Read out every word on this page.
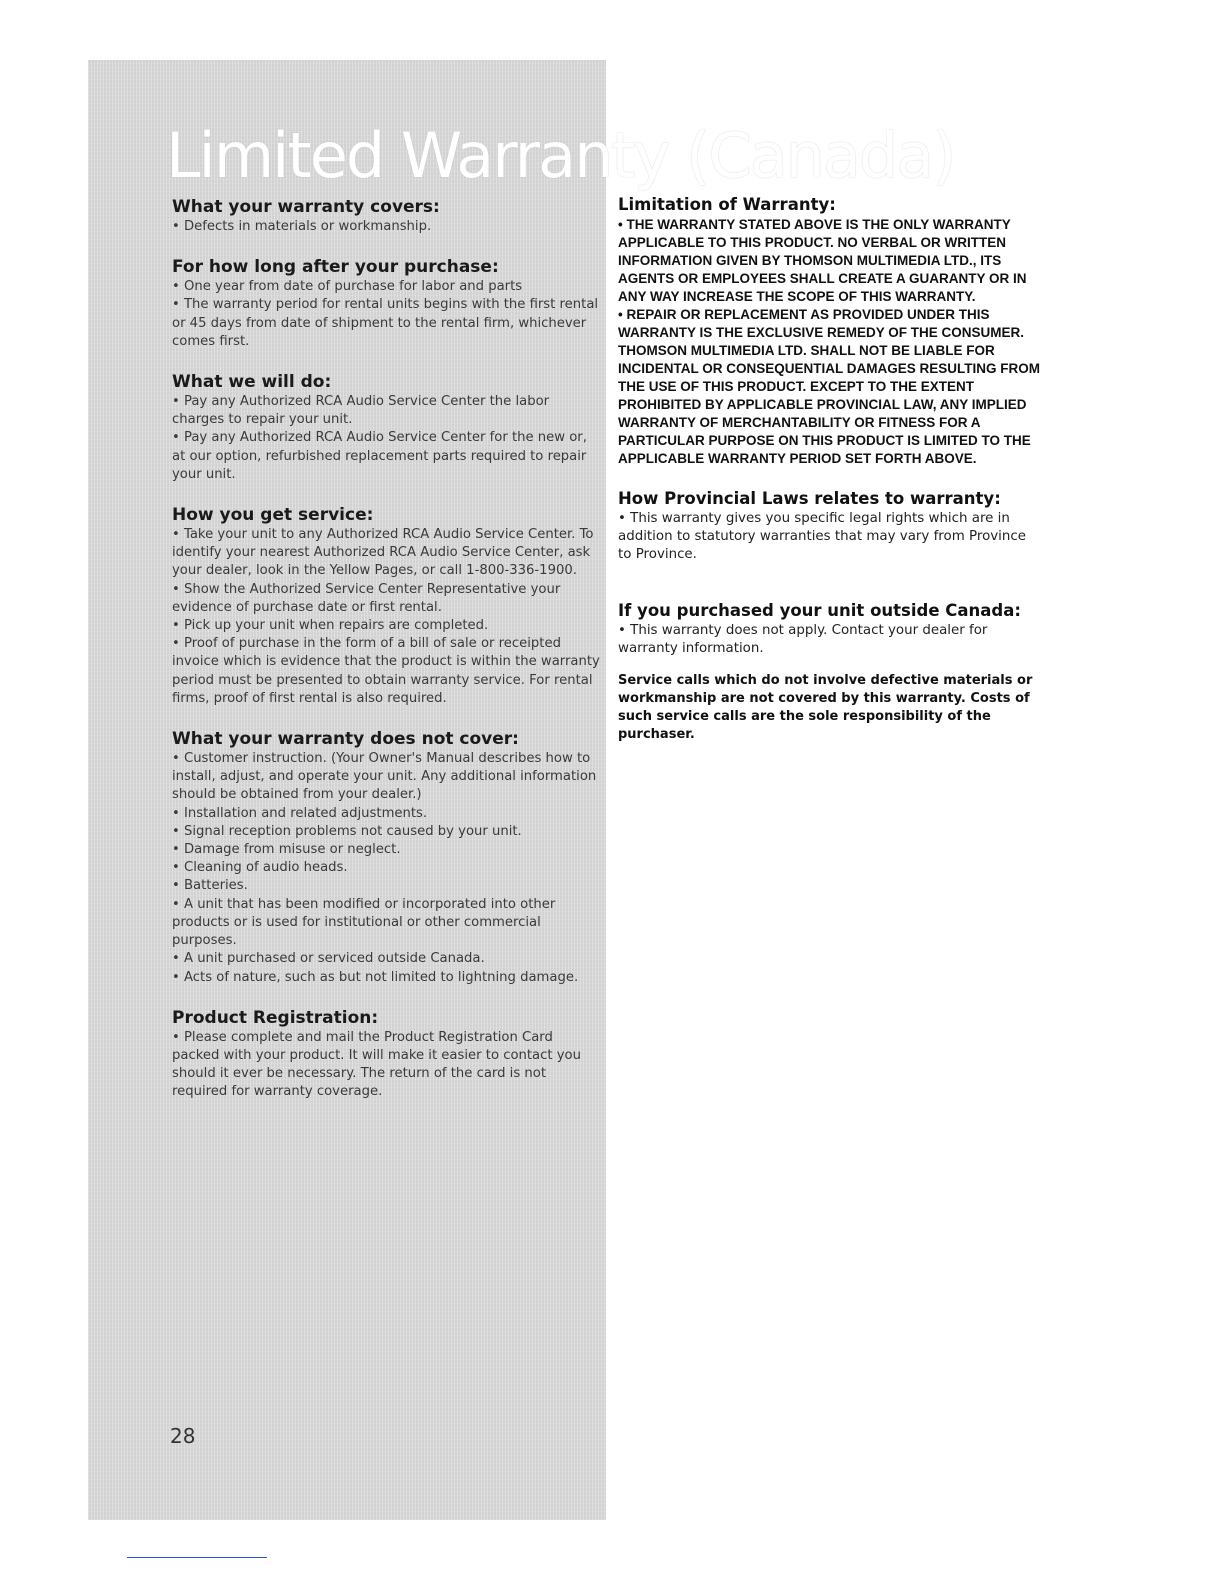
Limited Warranty (Canada)
What your warranty covers:
• Defects in materials or workmanship.
For how long after your purchase:
• One year from date of purchase for labor and parts
• The warranty period for rental units begins with the first rental or 45 days from date of shipment to the rental firm, whichever comes first.
What we will do:
• Pay any Authorized RCA Audio Service Center the labor charges to repair your unit.
• Pay any Authorized RCA Audio Service Center for the new or, at our option, refurbished replacement parts required to repair your unit.
How you get service:
• Take your unit to any Authorized RCA Audio Service Center. To identify your nearest Authorized RCA Audio Service Center, ask your dealer, look in the Yellow Pages, or call 1-800-336-1900.
• Show the Authorized Service Center Representative your evidence of purchase date or first rental.
• Pick up your unit when repairs are completed.
• Proof of purchase in the form of a bill of sale or receipted invoice which is evidence that the product is within the warranty period must be presented to obtain warranty service. For rental firms, proof of first rental is also required.
What your warranty does not cover:
• Customer instruction. (Your Owner's Manual describes how to install, adjust, and operate your unit. Any additional information should be obtained from your dealer.)
• Installation and related adjustments.
• Signal reception problems not caused by your unit.
• Damage from misuse or neglect.
• Cleaning of audio heads.
• Batteries.
• A unit that has been modified or incorporated into other products or is used for institutional or other commercial purposes.
• A unit purchased or serviced outside Canada.
• Acts of nature, such as but not limited to lightning damage.
Product Registration:
• Please complete and mail the Product Registration Card packed with your product. It will make it easier to contact you should it ever be necessary. The return of the card is not required for warranty coverage.
28
Limitation of Warranty:
• THE WARRANTY STATED ABOVE IS THE ONLY WARRANTY APPLICABLE TO THIS PRODUCT. NO VERBAL OR WRITTEN INFORMATION GIVEN BY THOMSON MULTIMEDIA LTD., ITS AGENTS OR EMPLOYEES SHALL CREATE A GUARANTY OR IN ANY WAY INCREASE THE SCOPE OF THIS WARRANTY.
• REPAIR OR REPLACEMENT AS PROVIDED UNDER THIS WARRANTY IS THE EXCLUSIVE REMEDY OF THE CONSUMER. THOMSON MULTIMEDIA LTD. SHALL NOT BE LIABLE FOR INCIDENTAL OR CONSEQUENTIAL DAMAGES RESULTING FROM THE USE OF THIS PRODUCT. EXCEPT TO THE EXTENT PROHIBITED BY APPLICABLE PROVINCIAL LAW, ANY IMPLIED WARRANTY OF MERCHANTABILITY OR FITNESS FOR A PARTICULAR PURPOSE ON THIS PRODUCT IS LIMITED TO THE APPLICABLE WARRANTY PERIOD SET FORTH ABOVE.
How Provincial Laws relates to warranty:
• This warranty gives you specific legal rights which are in addition to statutory warranties that may vary from Province to Province.
If you purchased your unit outside Canada:
• This warranty does not apply. Contact your dealer for warranty information.
Service calls which do not involve defective materials or workmanship are not covered by this warranty. Costs of such service calls are the sole responsibility of the purchaser.
